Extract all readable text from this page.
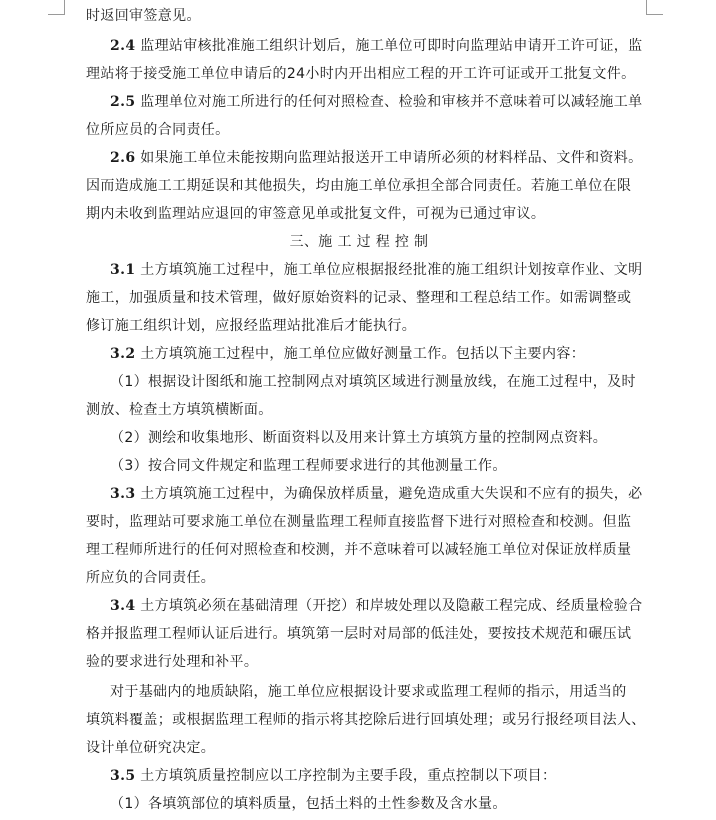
时返回审签意见。
2.4 监理站审核批准施工组织计划后，施工单位可即时向监理站申请开工许可证，监
理站将于接受施工单位申请后的24小时内开出相应工程的开工许可证或开工批复文件。
2.5 监理单位对施工所进行的任何对照检查、检验和审核并不意味着可以减轻施工单
位所应员的合同责任。
2.6 如果施工单位未能按期向监理站报送开工申请所必须的材料样品、文件和资料。
因而造成施工工期延误和其他损失，均由施工单位承担全部合同责任。若施工单位在限
期内未收到监理站应退回的审签意见单或批复文件，可视为已通过审议。
三、施 工 过 程 控 制
3.1 土方填筑施工过程中，施工单位应根据报经批准的施工组织计划按章作业、文明
施工，加强质量和技术管理，做好原始资料的记录、整理和工程总结工作。如需调整或
修订施工组织计划，应报经监理站批准后才能执行。
3.2 土方填筑施工过程中，施工单位应做好测量工作。包括以下主要内容：
（1）根据设计图纸和施工控制网点对填筑区域进行测量放线，在施工过程中，及时
测放、检查土方填筑横断面。
（2）测绘和收集地形、断面资料以及用来计算土方填筑方量的控制网点资料。
（3）按合同文件规定和监理工程师要求进行的其他测量工作。
3.3 土方填筑施工过程中，为确保放样质量，避免造成重大失误和不应有的损失，必
要时，监理站可要求施工单位在测量监理工程师直接监督下进行对照检查和校测。但监
理工程师所进行的任何对照检查和校测，并不意味着可以减轻施工单位对保证放样质量
所应负的合同责任。
3.4 土方填筑必须在基础清理（开挖）和岸坡处理以及隐蔽工程完成、经质量检验合
格并报监理工程师认证后进行。填筑第一层时对局部的低洼处，要按技术规范和碾压试
验的要求进行处理和补平。
对于基础内的地质缺陷，施工单位应根据设计要求或监理工程师的指示，用适当的
填筑料覆盖；或根据监理工程师的指示将其挖除后进行回填处理；或另行报经项目法人、
设计单位研究决定。
3.5 土方填筑质量控制应以工序控制为主要手段，重点控制以下项目：
（1）各填筑部位的填料质量，包括土料的土性参数及含水量。
